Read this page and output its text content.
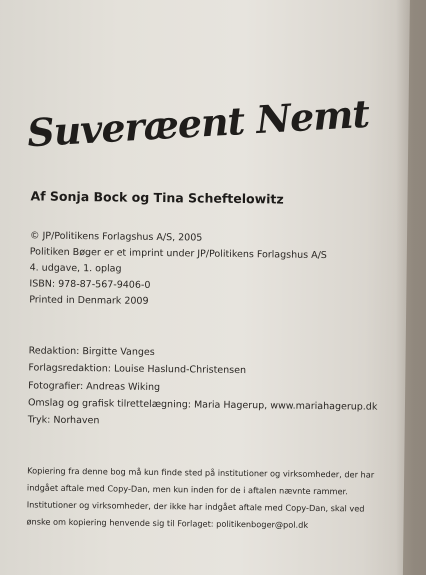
Suveræent Nemt
Af Sonja Bock og Tina Scheftelowitz
© JP/Politikens Forlagshus A/S, 2005
Politiken Bøger er et imprint under JP/Politikens Forlagshus A/S
4. udgave, 1. oplag
ISBN: 978-87-567-9406-0
Printed in Denmark 2009
Redaktion: Birgitte Vanges
Forlagsredaktion: Louise Haslund-Christensen
Fotografier: Andreas Wiking
Omslag og grafisk tilrettelægning: Maria Hagerup, www.mariahagerup.dk
Tryk: Norhaven
Kopiering fra denne bog må kun finde sted på institutioner og virksomheder, der har
indgået aftale med Copy-Dan, men kun inden for de i aftalen nævnte rammer.
Institutioner og virksomheder, der ikke har indgået aftale med Copy-Dan, skal ved
ønske om kopiering henvende sig til Forlaget: politikenboger@pol.dk
